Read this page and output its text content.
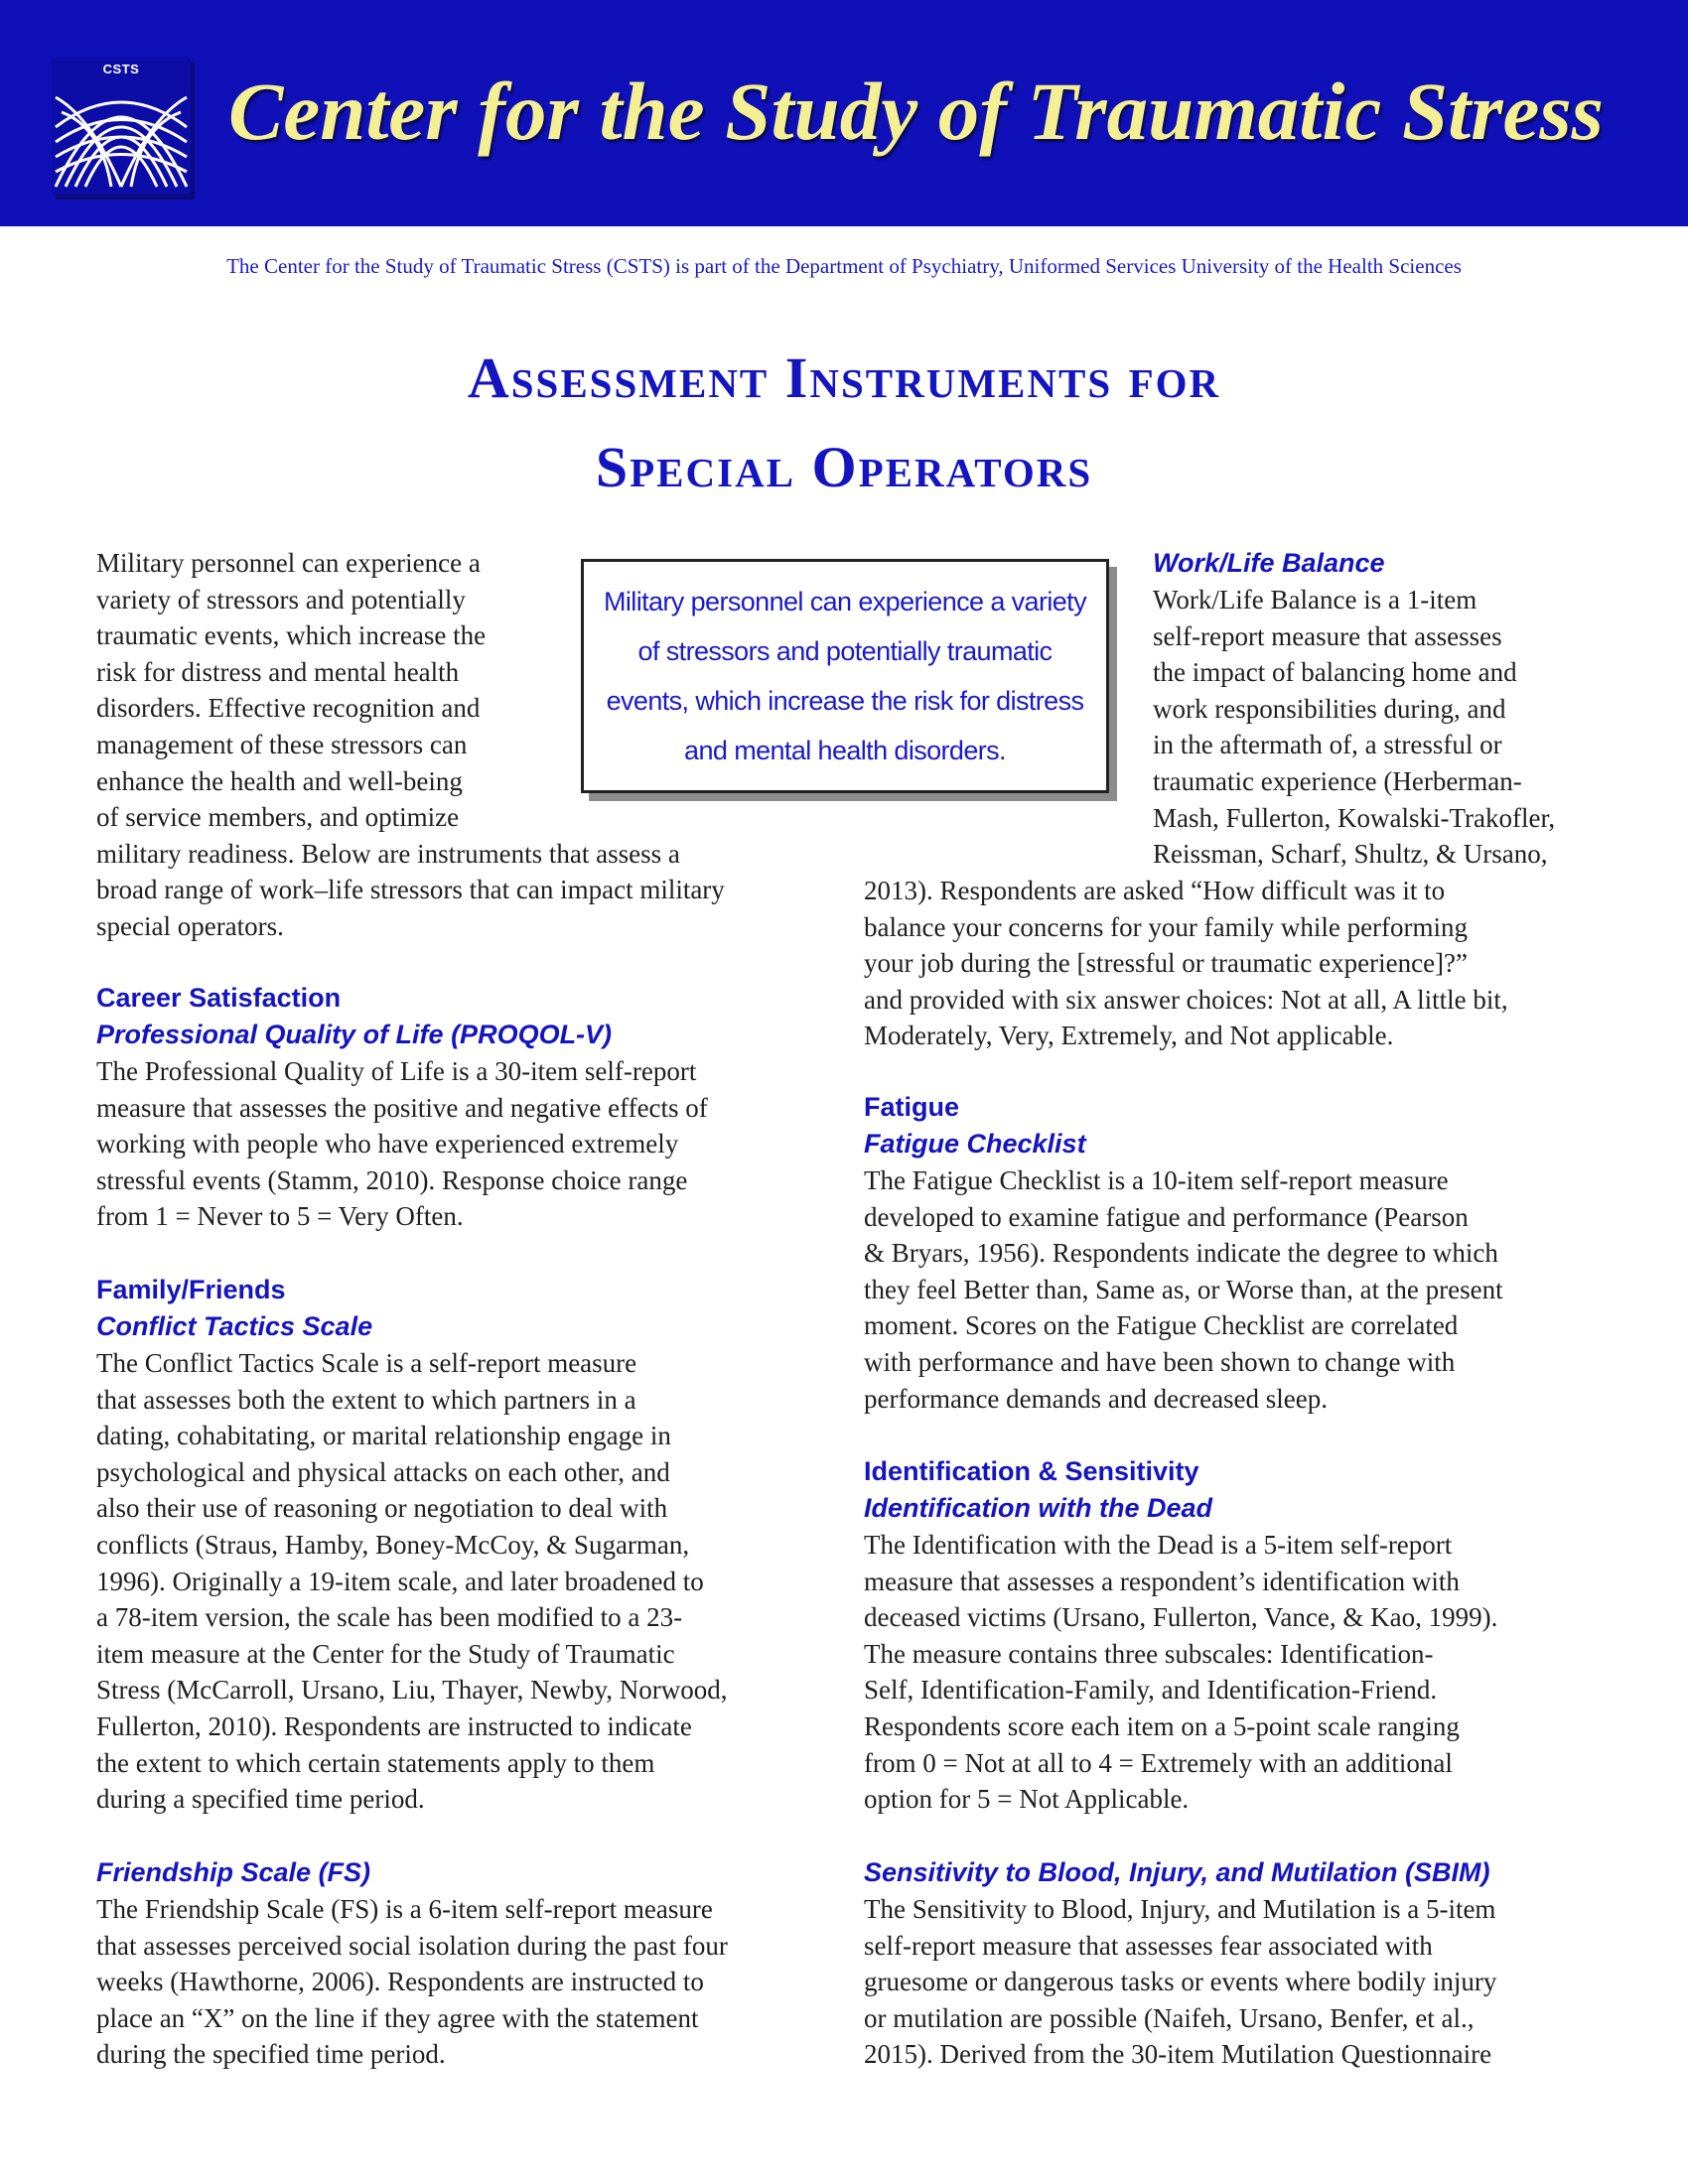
CSTS Center for the Study of Traumatic Stress
The Center for the Study of Traumatic Stress (CSTS) is part of the Department of Psychiatry, Uniformed Services University of the Health Sciences
Assessment Instruments for
Special Operators
Military personnel can experience a variety of stressors and potentially traumatic events, which increase the risk for distress and mental health disorders.
Military personnel can experience a
variety of stressors and potentially
traumatic events, which increase the
risk for distress and mental health
disorders. Effective recognition and
management of these stressors can
enhance the health and well-being
of service members, and optimize
military readiness. Below are instruments that assess a
broad range of work–life stressors that can impact military
special operators.
Career Satisfaction
Professional Quality of Life (PROQOL-V)
The Professional Quality of Life is a 30-item self-report
measure that assesses the positive and negative effects of
working with people who have experienced extremely
stressful events (Stamm, 2010). Response choice range
from 1 = Never to 5 = Very Often.
Family/Friends
Conflict Tactics Scale
The Conflict Tactics Scale is a self-report measure
that assesses both the extent to which partners in a
dating, cohabitating, or marital relationship engage in
psychological and physical attacks on each other, and
also their use of reasoning or negotiation to deal with
conflicts (Straus, Hamby, Boney-McCoy, & Sugarman,
1996). Originally a 19-item scale, and later broadened to
a 78-item version, the scale has been modified to a 23-
item measure at the Center for the Study of Traumatic
Stress (McCarroll, Ursano, Liu, Thayer, Newby, Norwood,
Fullerton, 2010). Respondents are instructed to indicate
the extent to which certain statements apply to them
during a specified time period.
Friendship Scale (FS)
The Friendship Scale (FS) is a 6-item self-report measure
that assesses perceived social isolation during the past four
weeks (Hawthorne, 2006). Respondents are instructed to
place an “X” on the line if they agree with the statement
during the specified time period.
Work/Life Balance
Work/Life Balance is a 1-item
self-report measure that assesses
the impact of balancing home and
work responsibilities during, and
in the aftermath of, a stressful or
traumatic experience (Herberman-
Mash, Fullerton, Kowalski-Trakofler,
Reissman, Scharf, Shultz, & Ursano,
2013). Respondents are asked “How difficult was it to
balance your concerns for your family while performing
your job during the [stressful or traumatic experience]?”
and provided with six answer choices: Not at all, A little bit,
Moderately, Very, Extremely, and Not applicable.
Fatigue
Fatigue Checklist
The Fatigue Checklist is a 10-item self-report measure
developed to examine fatigue and performance (Pearson
& Bryars, 1956). Respondents indicate the degree to which
they feel Better than, Same as, or Worse than, at the present
moment. Scores on the Fatigue Checklist are correlated
with performance and have been shown to change with
performance demands and decreased sleep.
Identification & Sensitivity
Identification with the Dead
The Identification with the Dead is a 5-item self-report
measure that assesses a respondent’s identification with
deceased victims (Ursano, Fullerton, Vance, & Kao, 1999).
The measure contains three subscales: Identification-
Self, Identification-Family, and Identification-Friend.
Respondents score each item on a 5-point scale ranging
from 0 = Not at all to 4 = Extremely with an additional
option for 5 = Not Applicable.
Sensitivity to Blood, Injury, and Mutilation (SBIM)
The Sensitivity to Blood, Injury, and Mutilation is a 5-item
self-report measure that assesses fear associated with
gruesome or dangerous tasks or events where bodily injury
or mutilation are possible (Naifeh, Ursano, Benfer, et al.,
2015). Derived from the 30-item Mutilation Questionnaire
